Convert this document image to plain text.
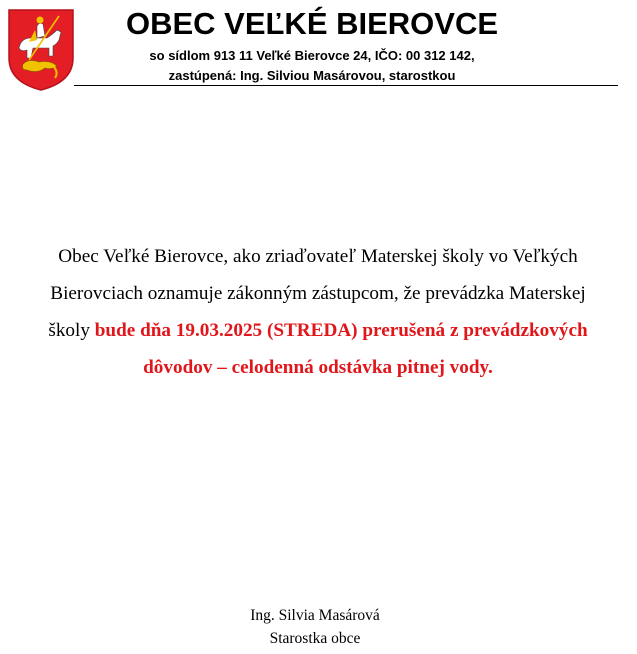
OBEC VEĽKÉ BIEROVCE
so sídlom 913 11 Veľké Bierovce 24, IČO: 00 312 142,
zastúpená: Ing. Silviou Masárovou, starostkou
Obec Veľké Bierovce, ako zriaďovateľ Materskej školy vo Veľkých
Bierovciach oznamuje zákonným zástupcom, že prevádzka Materskej
školy bude dňa 19.03.2025 (STREDA) prerušená z prevádzkových
dôvodov – celodenná odstávka pitnej vody.
Ing. Silvia Masárová
Starostka obce
